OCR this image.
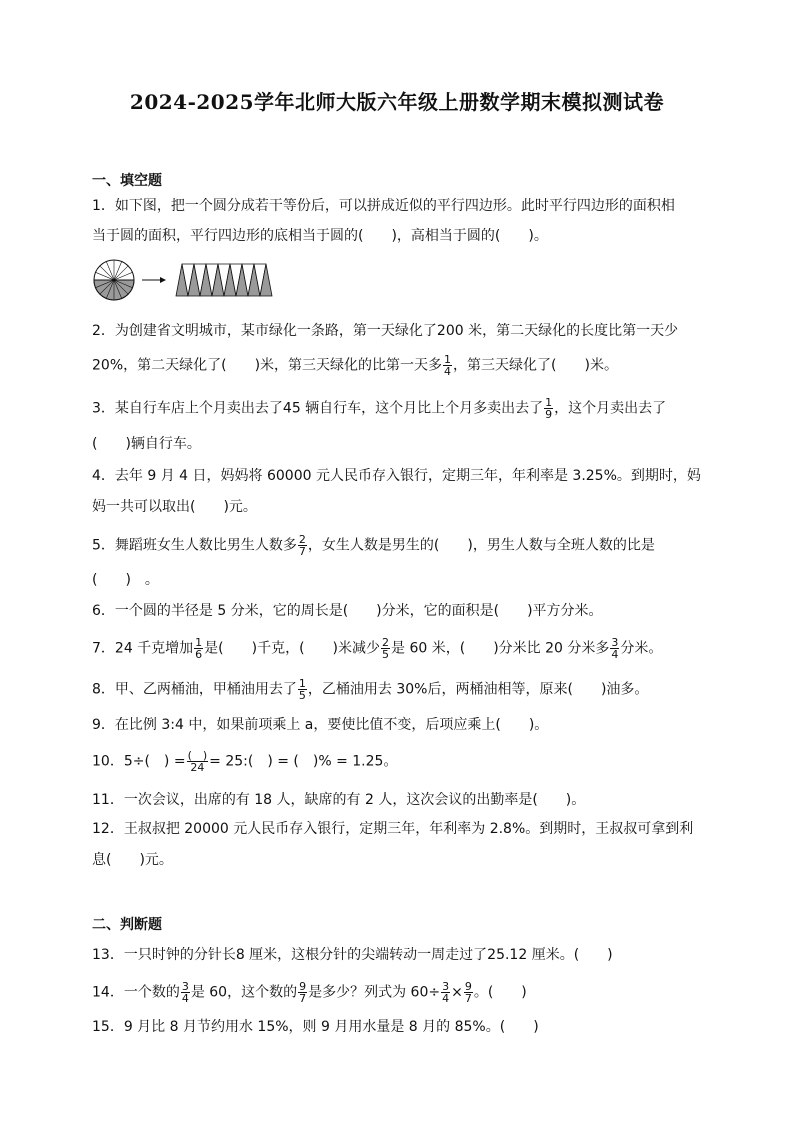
2024-2025学年北师大版六年级上册数学期末模拟测试卷
一、填空题
1．如下图，把一个圆分成若干等份后，可以拼成近似的平行四边形。此时平行四边形的面积相
当于圆的面积，平行四边形的底相当于圆的(　　)，高相当于圆的(　　)。
2．为创建省文明城市，某市绿化一条路，第一天绿化了200 米，第二天绿化的长度比第一天少
20%，第二天绿化了(　　)米，第三天绿化的比第一天多 $\frac{1}{4}$ ，第三天绿化了(　　)米。
3．某自行车店上个月卖出去了45 辆自行车，这个月比上个月多卖出去了 $\frac{1}{9}$ ，这个月卖出去了
(　　)辆自行车。
4．去年 9 月 4 日，妈妈将 60000 元人民币存入银行，定期三年，年利率是 3.25%。到期时，妈
妈一共可以取出(　　)元。
5．舞蹈班女生人数比男生人数多 $\frac{2}{7}$ ，女生人数是男生的(　　)，男生人数与全班人数的比是
(　　)　。
6．一个圆的半径是 5 分米，它的周长是(　　)分米，它的面积是(　　)平方分米。
7．24 千克增加 $\frac{1}{6}$ 是(　　)千克，(　　)米减少 $\frac{2}{5}$ 是 60 米，(　　)分米比 20 分米多 $\frac{3}{4}$ 分米。
8．甲、乙两桶油，甲桶油用去了 $\frac{1}{5}$ ，乙桶油用去 30%后，两桶油相等，原来(　　)油多。
9．在比例 3:4 中，如果前项乘上 a，要使比值不变，后项应乘上(　　)。
10．5÷(　) = $\frac{( )}{24}$ = 25:(　) = (　)% = 1.25。
11．一次会议，出席的有 18 人，缺席的有 2 人，这次会议的出勤率是(　　)。
12．王叔叔把 20000 元人民币存入银行，定期三年，年利率为 2.8%。到期时，王叔叔可拿到利
息(　　)元。
二、判断题
13．一只时钟的分针长8 厘米，这根分针的尖端转动一周走过了25.12 厘米。(　　)
14．一个数的 $\frac{3}{4}$ 是 60，这个数的 $\frac{9}{7}$ 是多少？列式为 $60\div \frac{3}{4} \times \frac{9}{7}$ 。(　　)
15．9 月比 8 月节约用水 15%，则 9 月用水量是 8 月的 85%。(　　)
